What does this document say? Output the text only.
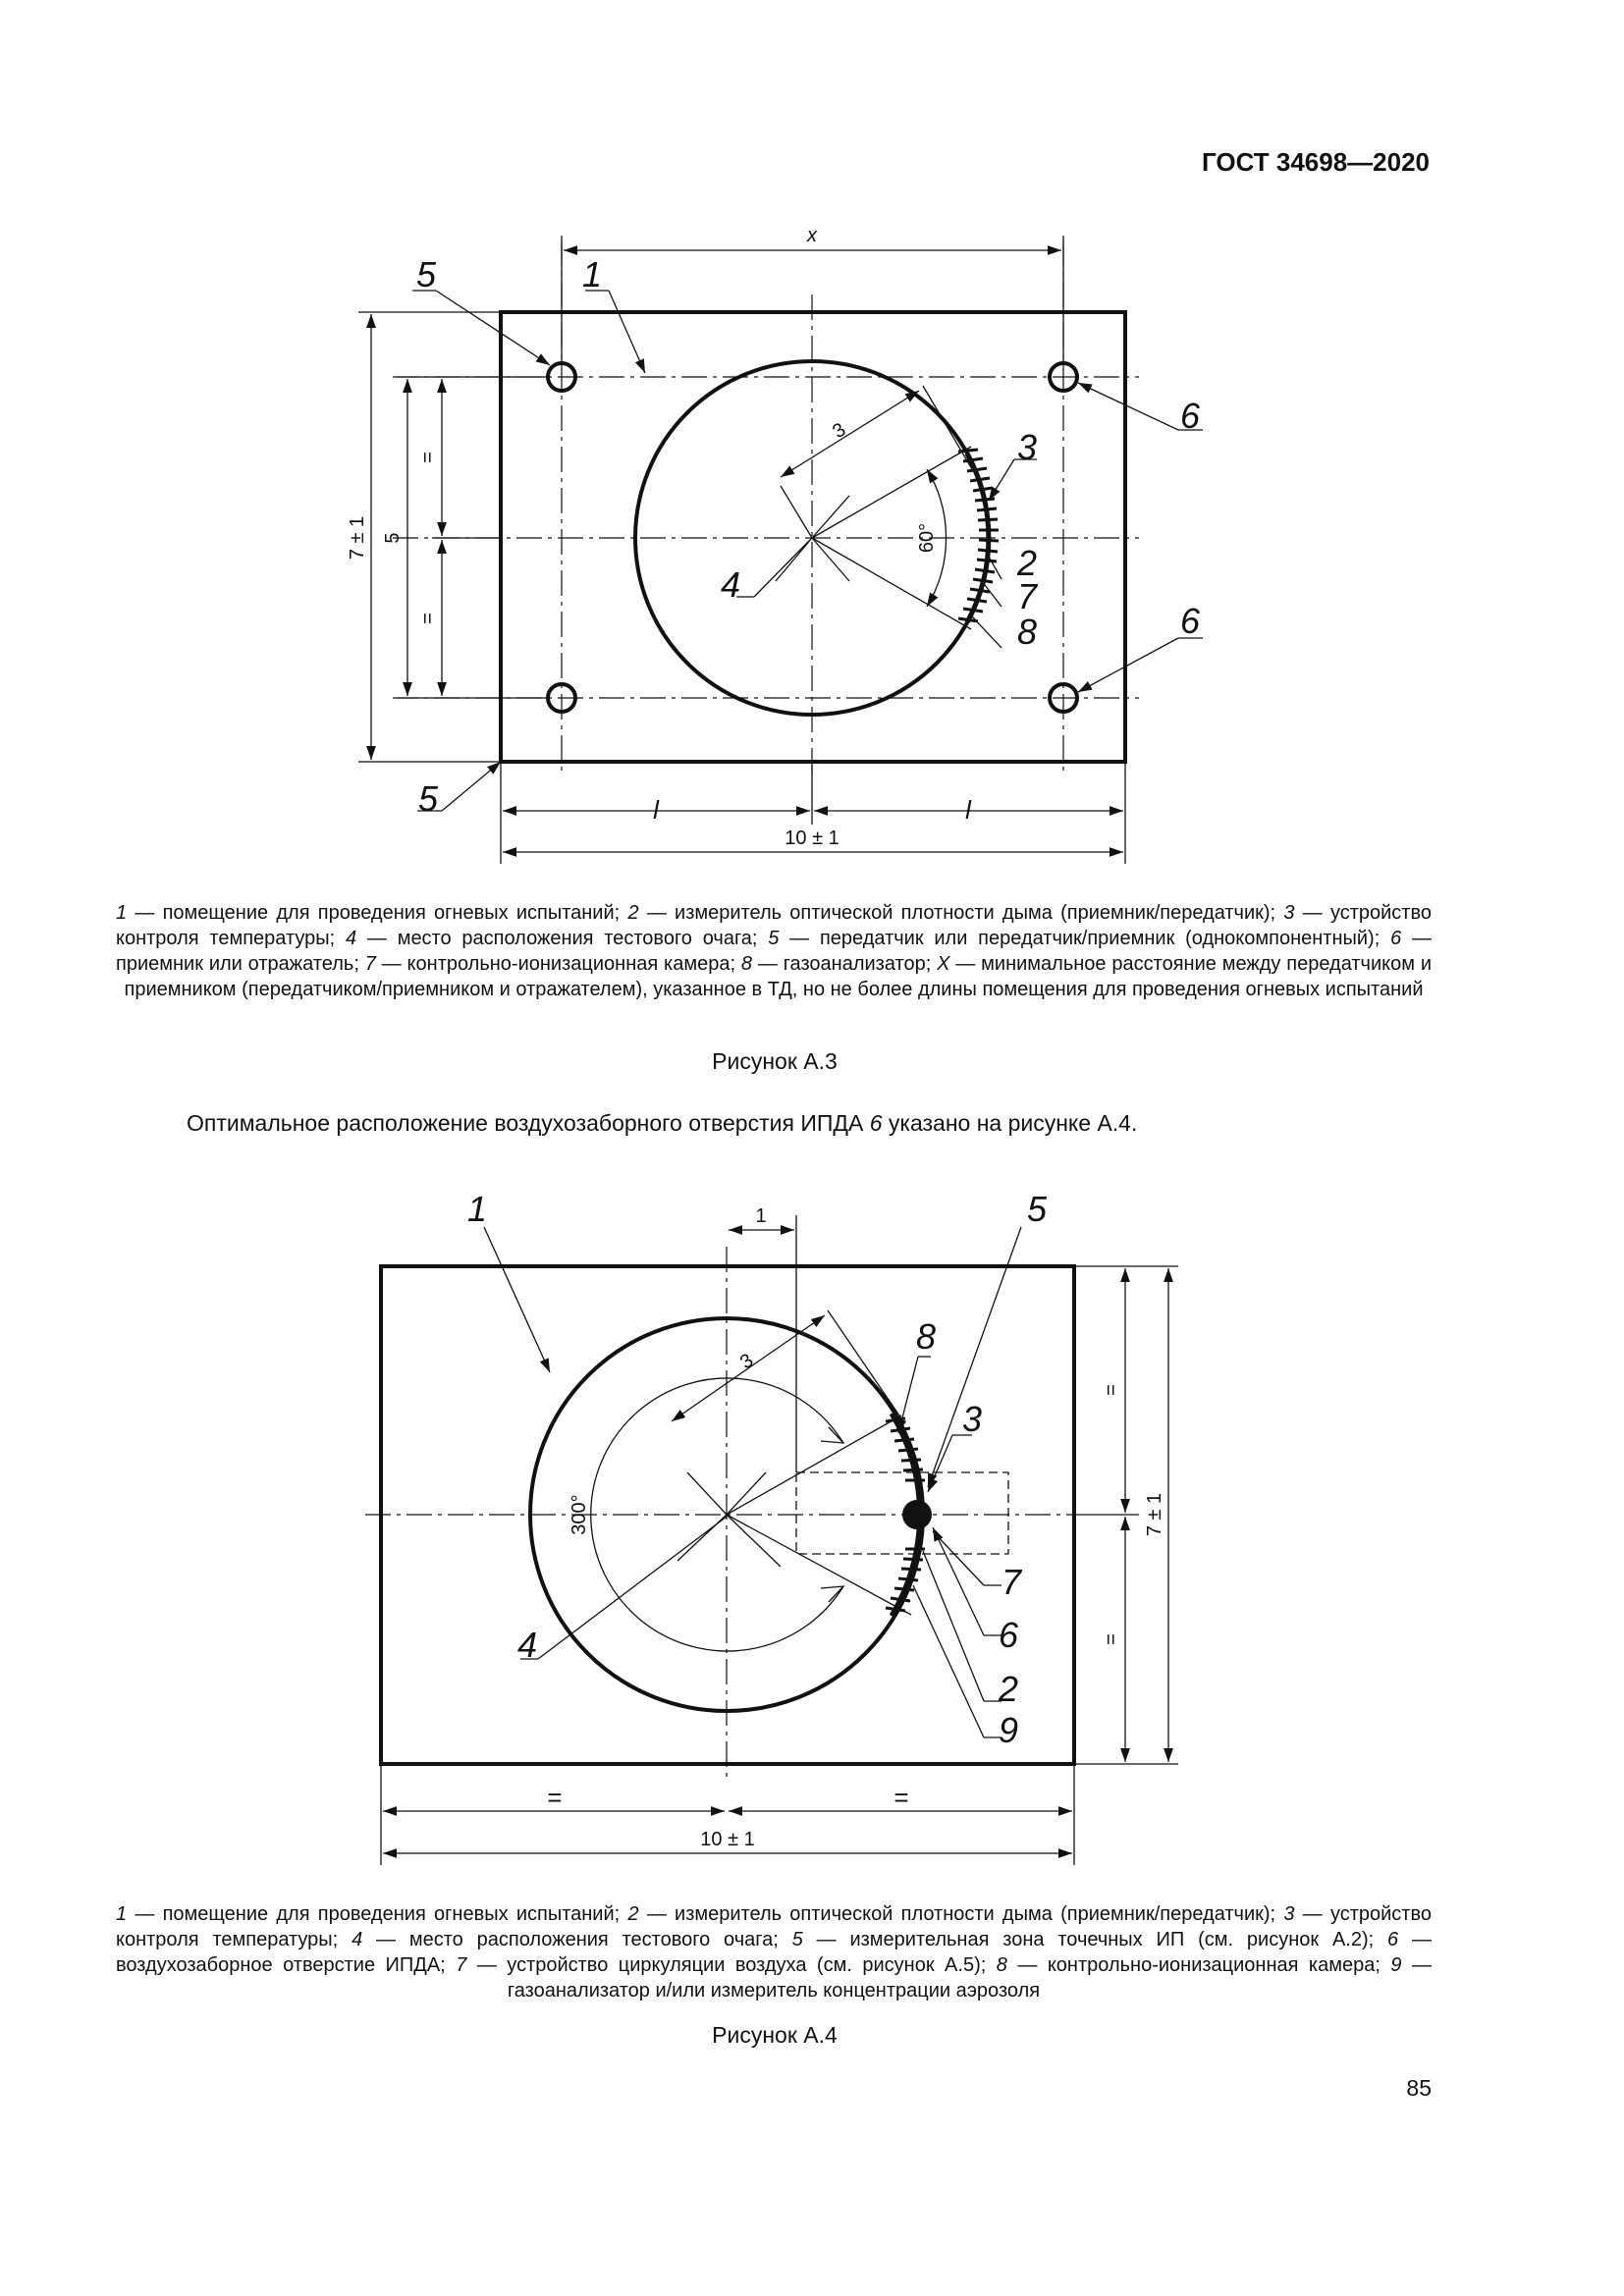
ГОСТ 34698—2020
x
7 ± 1 5
=
=
l	l
10 ± 1
3
60°
1
3
2
7
8
4
5
5
6
6
1 — помещение для проведения огневых испытаний; 2 — измеритель оптической плотности дыма (приемник/передатчик); 3 — устройство контроля температуры; 4 — место расположения тестового очага; 5 — передатчик или передатчик/приемник (однокомпонентный); 6 — приемник или отражатель; 7 — контрольно-ионизационная камера; 8 — газоанализатор; X — минимальное расстояние между передатчиком и приемником (передатчиком/приемником и отражателем), указанное в ТД, но не более длины помещения для проведения огневых испытаний
Рисунок А.3
Оптимальное расположение воздухозаборного отверстия ИПДА 6 указано на рисунке А.4.
1
3
300°
=	=
10 ± 1
=
=
7 ± 1
1	5
8
3
7
6
2
9
4
1 — помещение для проведения огневых испытаний; 2 — измеритель оптической плотности дыма (приемник/передатчик); 3 — устройство контроля температуры; 4 — место расположения тестового очага; 5 — измерительная зона точечных ИП (см. рисунок А.2); 6 — воздухозаборное отверстие ИПДА; 7 — устройство циркуляции воздуха (см. рисунок А.5); 8 — контрольно-ионизационная камера; 9 — газоанализатор и/или измеритель концентрации аэрозоля
Рисунок А.4
85
